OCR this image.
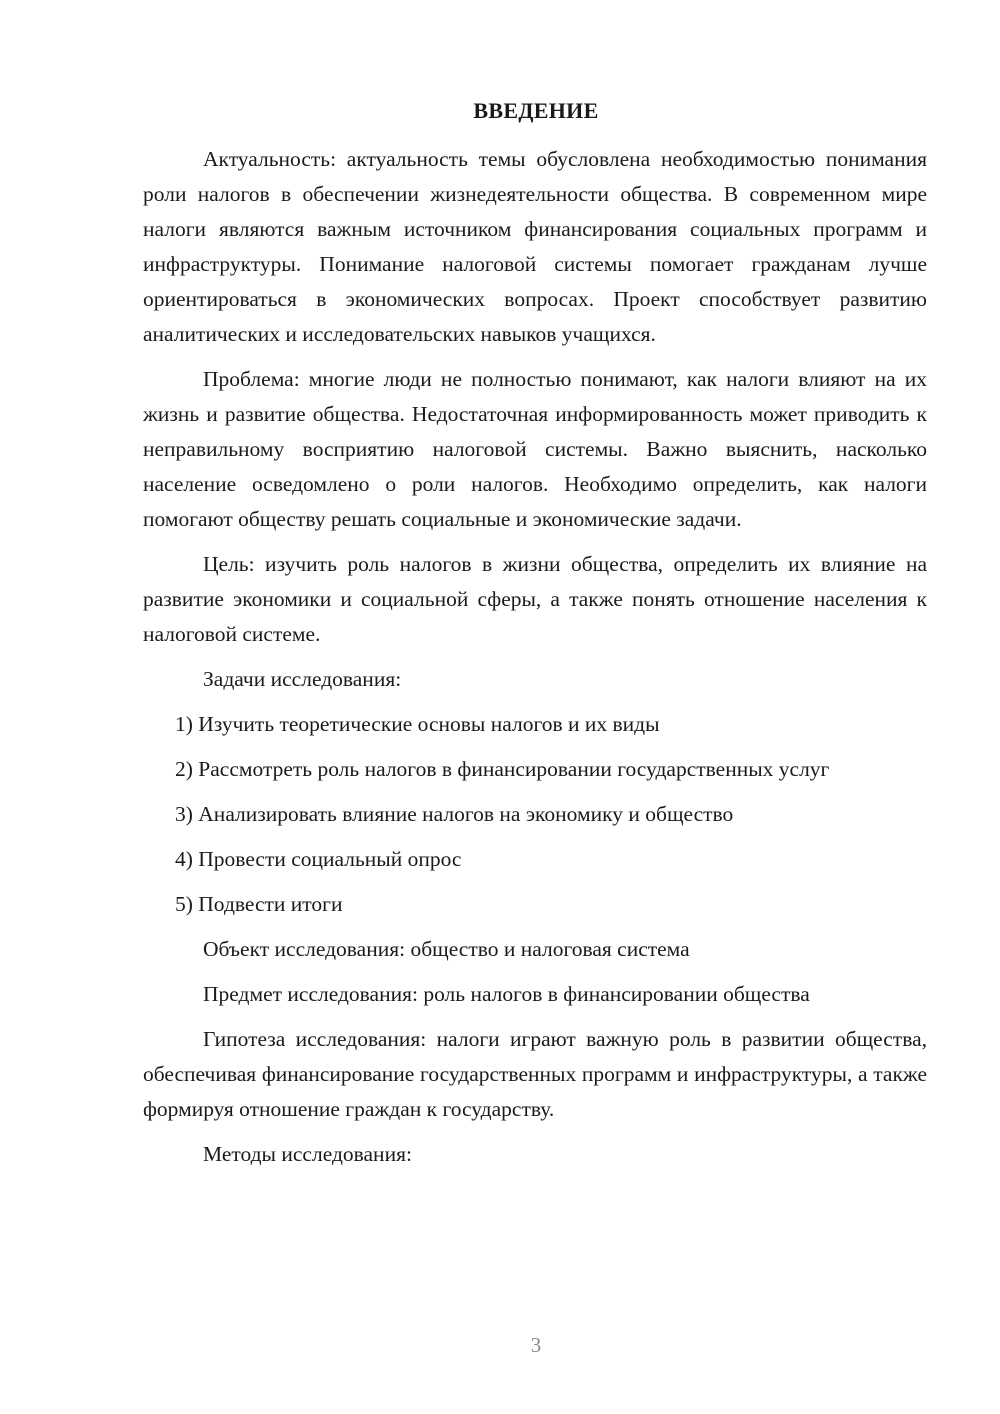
ВВЕДЕНИЕ

Актуальность: актуальность темы обусловлена необходимостью понимания роли налогов в обеспечении жизнедеятельности общества. В современном мире налоги являются важным источником финансирования социальных программ и инфраструктуры. Понимание налоговой системы помогает гражданам лучше ориентироваться в экономических вопросах. Проект способствует развитию аналитических и исследовательских навыков учащихся.

Проблема: многие люди не полностью понимают, как налоги влияют на их жизнь и развитие общества. Недостаточная информированность может приводить к неправильному восприятию налоговой системы. Важно выяснить, насколько население осведомлено о роли налогов. Необходимо определить, как налоги помогают обществу решать социальные и экономические задачи.

Цель: изучить роль налогов в жизни общества, определить их влияние на развитие экономики и социальной сферы, а также понять отношение населения к налоговой системе.

Задачи исследования:

1) Изучить теоретические основы налогов и их виды

2) Рассмотреть роль налогов в финансировании государственных услуг

3) Анализировать влияние налогов на экономику и общество

4) Провести социальный опрос

5) Подвести итоги

Объект исследования: общество и налоговая система

Предмет исследования: роль налогов в финансировании общества

Гипотеза исследования: налоги играют важную роль в развитии общества, обеспечивая финансирование государственных программ и инфраструктуры, а также формируя отношение граждан к государству.

Методы исследования:

3
